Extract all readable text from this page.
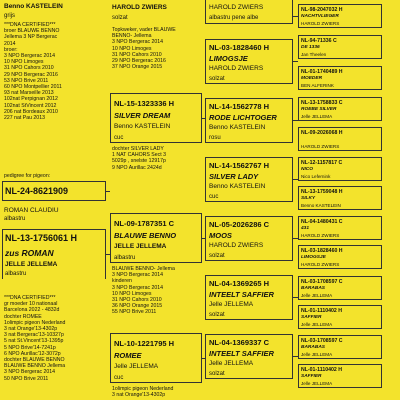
Benno KASTELEIN
grijs
***DNA CERTIFIED***
broer BLAUWE BENNO
Jellema 3 NP Bergerac
2014
broer:
3 NPO Bergerac 2014
10 NPO Limoges
31 NPO Cahors 2010
29 NPO Bergerac 2016
53 NPO Brive 2011
60 NPO Montpellier 2011
93 nat Marseille 2013
102nat Perpignan 2012
102nat StVincent 2012
206 nat Bordeaux 2010
227 nat Pau 2013
pedigree for pigeon:
NL-24-8621909
ROMAN CLAUDIU
albastru
NL-13-1756061 H
zus ROMAN
JELLE JELLEMA
albastru
***DNA CERTIFIED***
gr moeder 10 nationaal
Barcelona 2022 - 4832d
dochter ROMEE
1olimpic pigeon Nederland
3 nat Orange'13-4302p
3 nat Bergerac'13-10327p
5 nat St.Vincent'13-1395p
5 NPO Brive'14-7241p
6 NPO Aurillac'12-3072p
dochter BLAUWE BENNO
BLAUWE BENNO Jellema
3 NPO Bergerac 2014
50 NPO Brive 2011
HAROLD ZWIERS
solzat
Topkweker, vader BLAUWE
BENNO- Jellema
3 NPO Bergerac 2014
10 NPO Limoges
31 NPO Cahors 2010
29 NPO Bergerac 2016
37 NPO Orange 2015
NL-15-1323336 H
SILVER DREAM
Benno KASTELEIN
cuc
dochter SILVER LADY
1 NAT CAHORS Sect 3
5029p , snelste 12917p
9 NPO Aurillac 2424d
NL-09-1787351 C
BLAUWE BENNO
JELLE JELLEMA
albastru
BLAUWE BENNO- Jellema
3 NPO Bergerac 2014
kinderen
3 NPO Bergerac 2014
10 NPO Limoges
31 NPO Cahors 2010
36 NPO Orange 2015
55 NPO Brive 2011
NL-10-1221795 H
ROMEE
Jelle JELLEMA
cuc
1olimpic pigeon Nederland
3 nat Orange'13-4302p
HAROLD ZWIERS
albastru pene albe
NL-03-1828460 H
LIMOGSJE
HAROLD ZWIERS
solzat
NL-14-1562778 H
RODE LICHTOGER
Benno KASTELEIN
rosu
NL-14-1562767 H
SILVER LADY
Benno KASTELEIN
cuc
NL-05-2026286 C
MOOS
HAROLD ZWIERS
solzat
NL-04-1369265 H
INTEELT SAFFIER
Jelle JELLEMA
solzat
NL-04-1369337 C
INTEELT SAFFIER
Jelle JELLEMA
solzat
NL-98-2047032 H
NACHTVLIEGER
HAROLD ZWIERS
NL-94-71336 C
DE 1336
Jan Theelen
NL-01-1740489 H
MOEDER
BEN ALFERINK
NL-13-1758833 C
ROEBE SILVER
Jelle JELLEMA
NL-09-2026068 H
HAROLD ZWIERS
NL-12-1157817 C
NICO
Nico Lefernink
NL-13-1759048 H
SILKY
Benno KASTELEIN
NL-04-1480431 C
431
HAROLD ZWIERS
NL-03-1828460 H
LIMOGSJE
HAROLD ZWIERS
NL-03-1708597 C
BARABAS
Jelle JELLEMA
NL-01-1110402 H
SAFFIER
Jelle JELLEMA
NL-03-1708597 C
BARABAS
Jelle JELLEMA
NL-01-1110402 H
SAFFIER
Jelle JELLEMA
